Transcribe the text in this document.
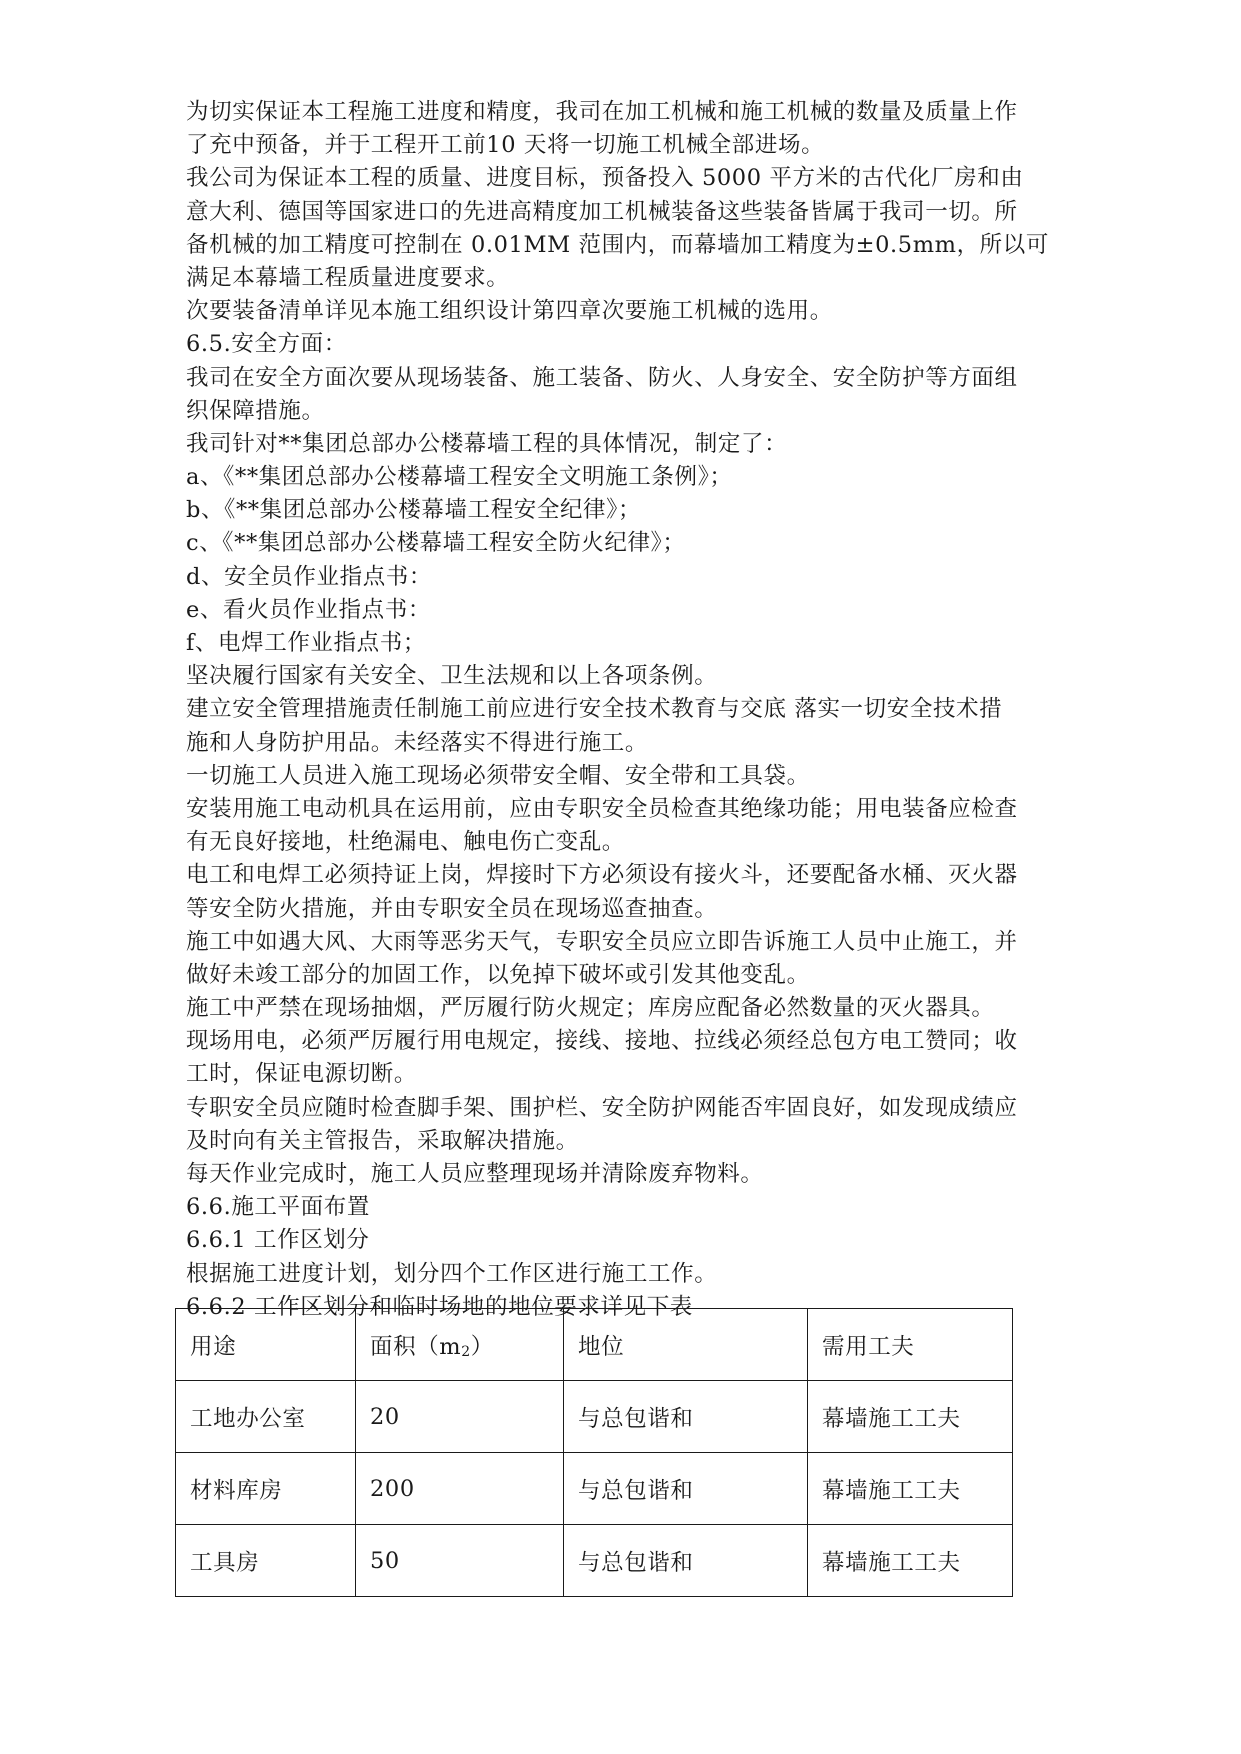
为切实保证本工程施工进度和精度，我司在加工机械和施工机械的数量及质量上作
了充中预备，并于工程开工前10 天将一切施工机械全部进场。
我公司为保证本工程的质量、进度目标，预备投入 5000 平方米的古代化厂房和由
意大利、德国等国家进口的先进高精度加工机械装备这些装备皆属于我司一切。所
备机械的加工精度可控制在 0.01MM 范围内，而幕墙加工精度为±0.5mm，所以可
满足本幕墙工程质量进度要求。
次要装备清单详见本施工组织设计第四章次要施工机械的选用。
6.5.安全方面：
我司在安全方面次要从现场装备、施工装备、防火、人身安全、安全防护等方面组
织保障措施。
我司针对**集团总部办公楼幕墙工程的具体情况，制定了：
a、《**集团总部办公楼幕墙工程安全文明施工条例》；
b、《**集团总部办公楼幕墙工程安全纪律》；
c、《**集团总部办公楼幕墙工程安全防火纪律》；
d、安全员作业指点书：
e、看火员作业指点书：
f、电焊工作业指点书；
坚决履行国家有关安全、卫生法规和以上各项条例。
建立安全管理措施责任制施工前应进行安全技术教育与交底 落实一切安全技术措
施和人身防护用品。未经落实不得进行施工。
一切施工人员进入施工现场必须带安全帽、安全带和工具袋。
安装用施工电动机具在运用前，应由专职安全员检查其绝缘功能；用电装备应检查
有无良好接地，杜绝漏电、触电伤亡变乱。
电工和电焊工必须持证上岗，焊接时下方必须设有接火斗，还要配备水桶、灭火器
等安全防火措施，并由专职安全员在现场巡查抽查。
施工中如遇大风、大雨等恶劣天气，专职安全员应立即告诉施工人员中止施工，并
做好未竣工部分的加固工作，以免掉下破坏或引发其他变乱。
施工中严禁在现场抽烟，严厉履行防火规定；库房应配备必然数量的灭火器具。
现场用电，必须严厉履行用电规定，接线、接地、拉线必须经总包方电工赞同；收
工时，保证电源切断。
专职安全员应随时检查脚手架、围护栏、安全防护网能否牢固良好，如发现成绩应
及时向有关主管报告，采取解决措施。
每天作业完成时，施工人员应整理现场并清除废弃物料。
6.6.施工平面布置
6.6.1 工作区划分
根据施工进度计划，划分四个工作区进行施工工作。
6.6.2 工作区划分和临时场地的地位要求详见下表
用途	面积$(m_2)$	地位	需用工夫
工地办公室	20	与总包谐和	幕墙施工工夫
材料库房	200	与总包谐和	幕墙施工工夫
工具房	50	与总包谐和	幕墙施工工夫
